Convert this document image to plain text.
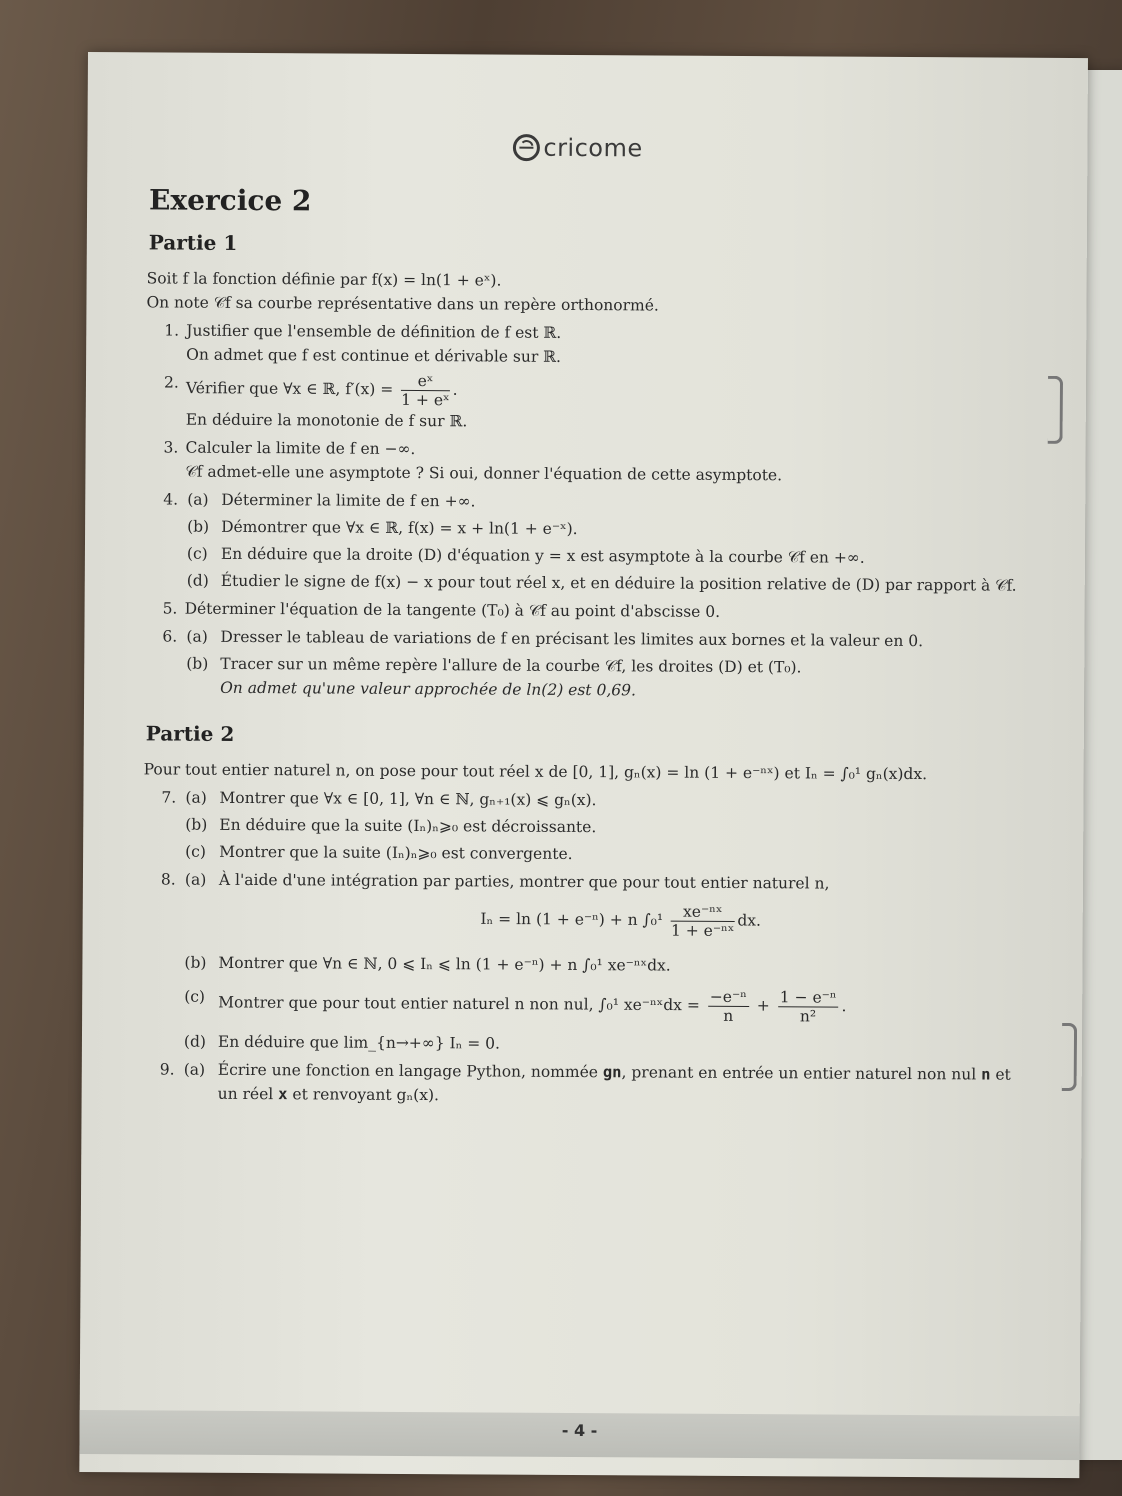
cricome
Exercice 2
Partie 1

Soit f la fonction définie par f(x) = ln(1 + eˣ).

On note 𝒞f sa courbe représentative dans un repère orthonormé.

1. Justifier que l'ensemble de définition de f est ℝ.
On admet que f est continue et dérivable sur ℝ.
2. Vérifier que ∀x ∈ ℝ, $f'(x) = \frac{\text{eˣ}}{\text{1 + eˣ}}$ .
En déduire la monotonie de f sur ℝ.
3. Calculer la limite de f en −∞.
𝒞f admet-elle une asymptote ? Si oui, donner l'équation de cette asymptote.
4. (a) Déterminer la limite de f en +∞.
(b) Démontrer que ∀x ∈ ℝ, f(x) = x + ln(1 + e⁻ˣ).
(c) En déduire que la droite (D) d'équation y = x est asymptote à la courbe 𝒞f en +∞.
(d) Étudier le signe de f(x) − x pour tout réel x, et en déduire la position relative de (D) par rapport à 𝒞f.
5. Déterminer l'équation de la tangente (T₀) à 𝒞f au point d'abscisse 0.
6. (a) Dresser le tableau de variations de f en précisant les limites aux bornes et la valeur en 0.
(b) Tracer sur un même repère l'allure de la courbe 𝒞f, les droites (D) et (T₀).
On admet qu'une valeur approchée de ln(2) est 0,69.
Partie 2

Pour tout entier naturel n, on pose pour tout réel x de [0, 1], gₙ(x) = ln (1 + e⁻ⁿˣ) et Iₙ = ∫₀¹ gₙ(x)dx.

7. (a) Montrer que ∀x ∈ [0, 1], ∀n ∈ ℕ, gₙ₊₁(x) ⩽ gₙ(x).
(b) En déduire que la suite (Iₙ)ₙ⩾₀ est décroissante.
(c) Montrer que la suite (Iₙ)ₙ⩾₀ est convergente.
8. (a) À l'aide d'une intégration par parties, montrer que pour tout entier naturel n,
Iₙ = ln (1 + e⁻ⁿ) + n $\int_0^1 \frac{\text{xe⁻ⁿˣ}}{\text{1 + e⁻ⁿˣ}}$ dx.
(b) Montrer que ∀n ∈ ℕ, 0 ⩽ Iₙ ⩽ ln (1 + e⁻ⁿ) + n ∫₀¹ xe⁻ⁿˣdx.
(c) Montrer que pour tout entier naturel n non nul, ∫₀¹ xe⁻ⁿˣdx = $\frac{\text{−e⁻ⁿ}}{n} + \frac{\text{1 − e⁻ⁿ}}{\text{n²}}$ .
(d) En déduire que lim_{n→+∞} Iₙ = 0.
9. (a) Écrire une fonction en langage Python, nommée gn, prenant en entrée un entier naturel non nul n et un réel x et renvoyant gₙ(x).
- 4 -
